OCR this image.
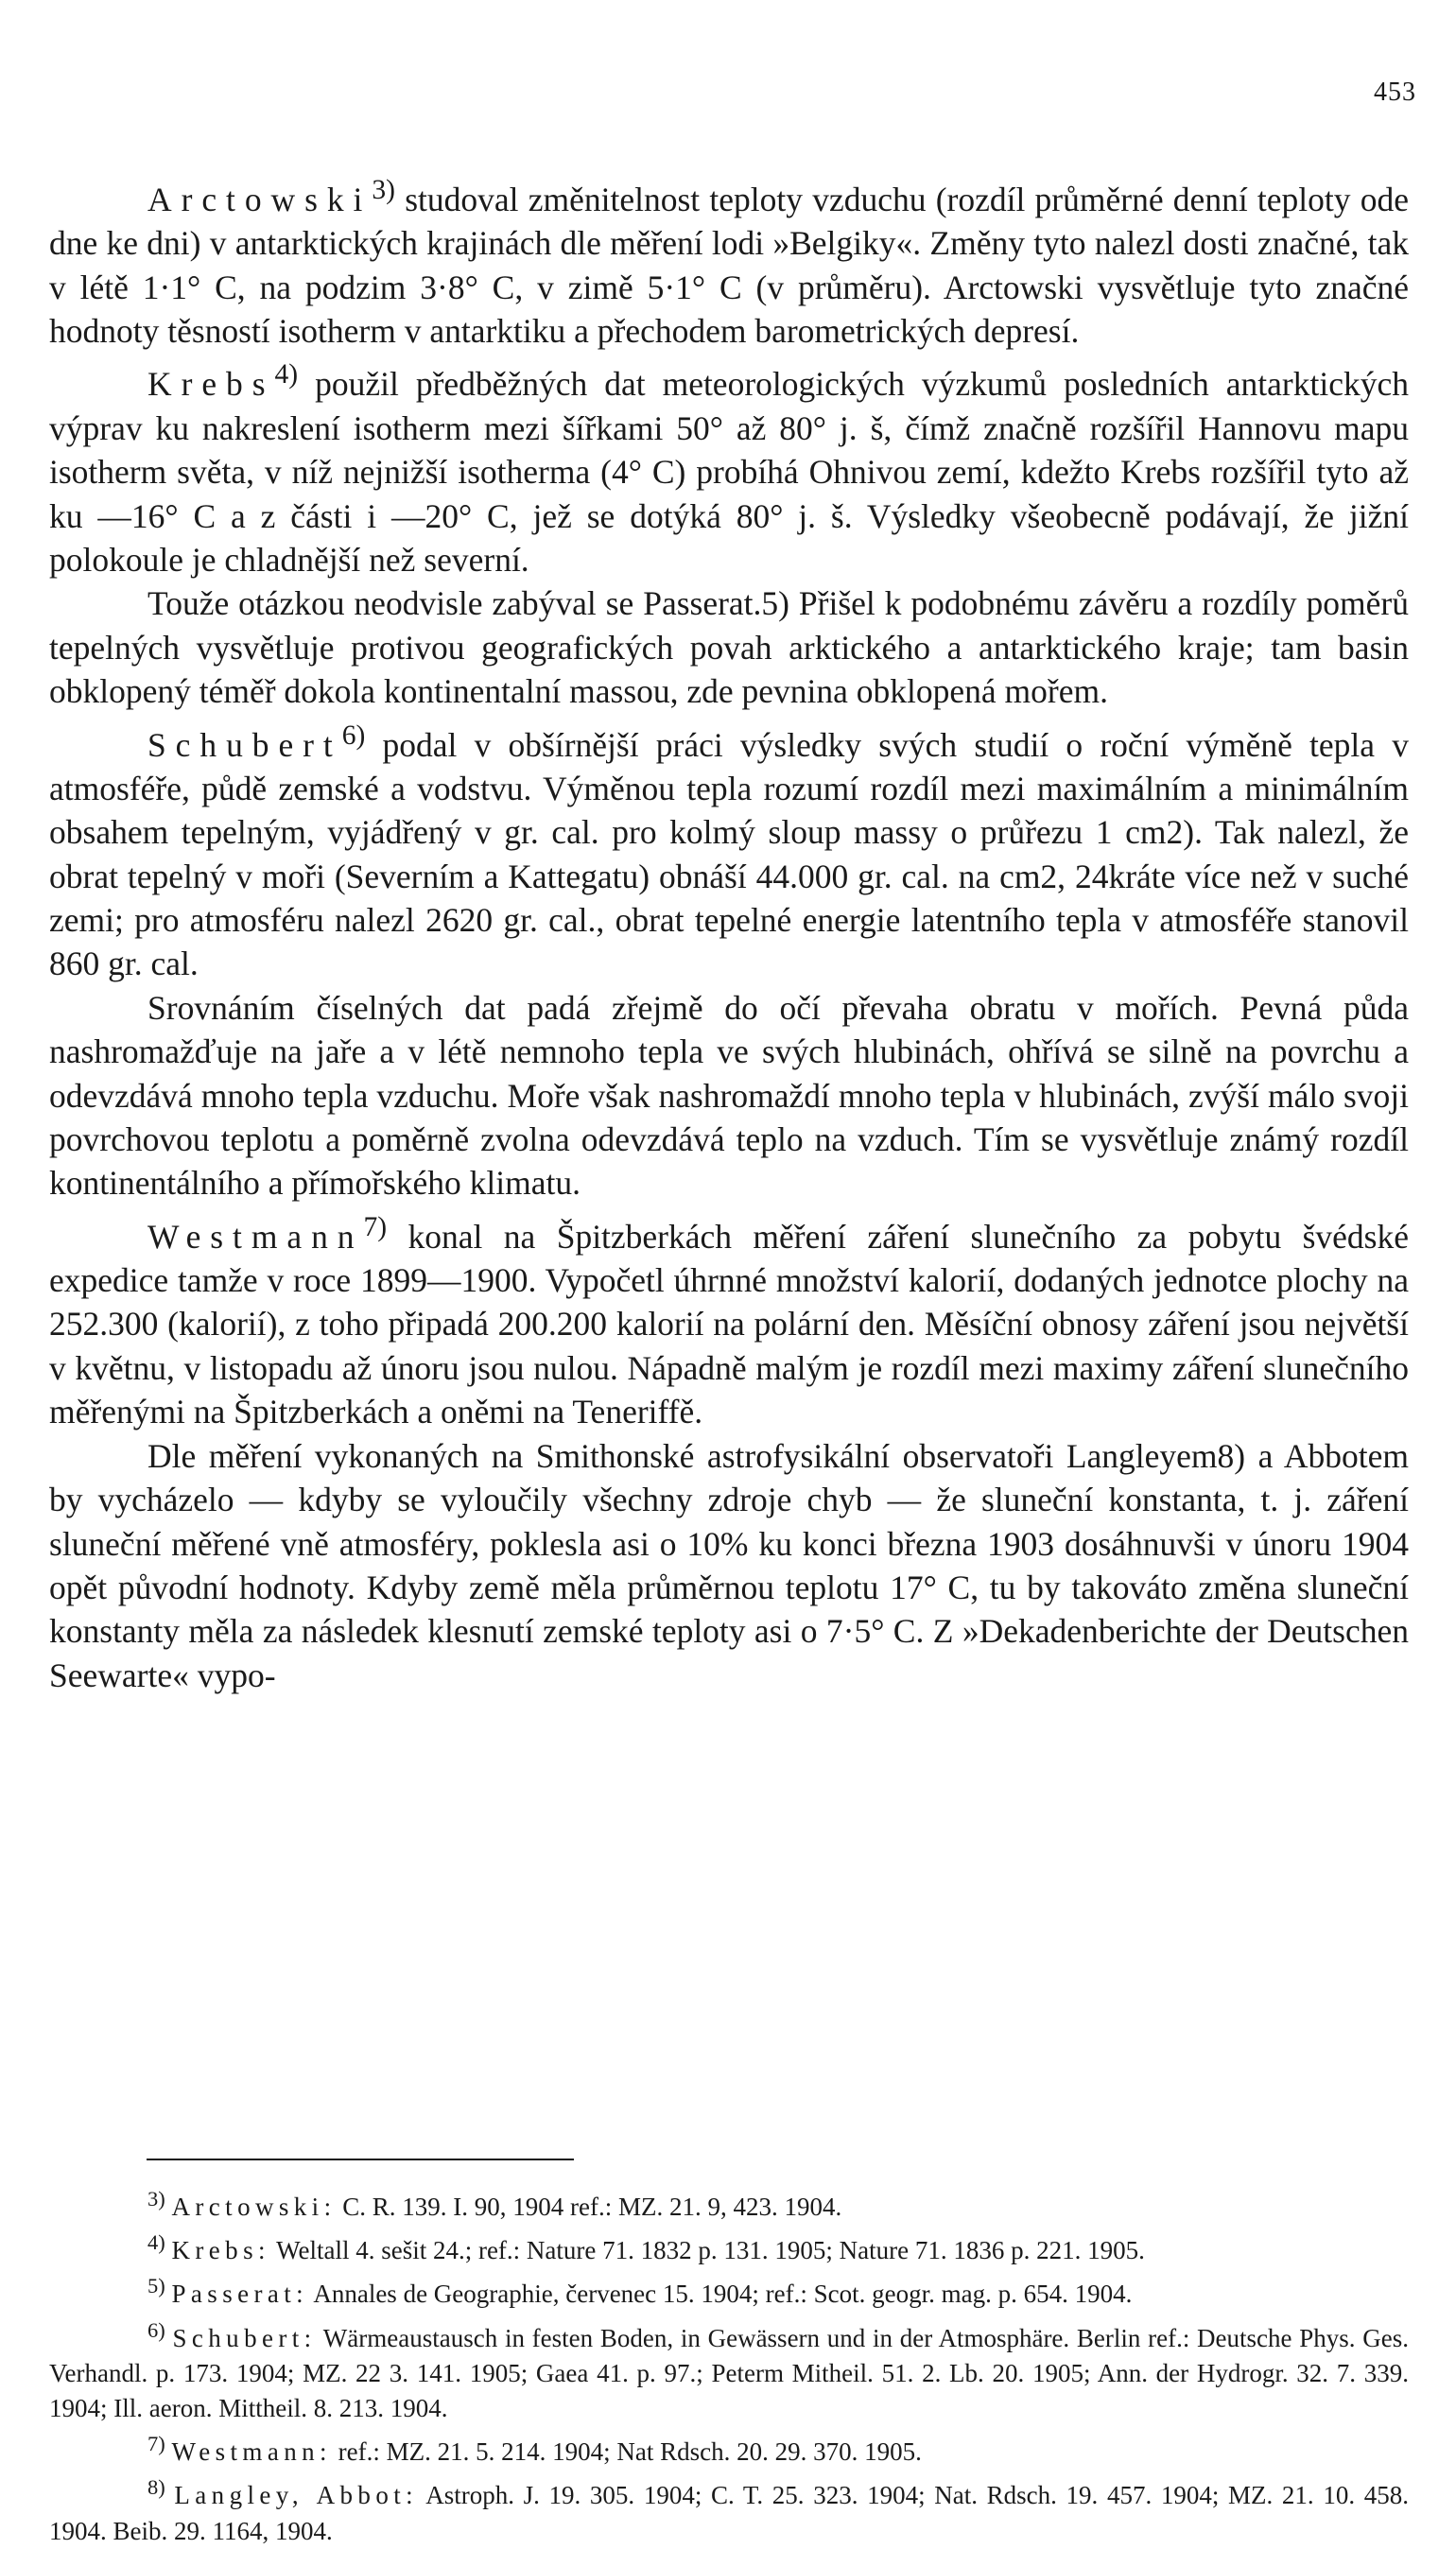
453

Arctowski$^{3)}$ studoval změnitelnost teploty vzduchu (rozdíl průměrné denní teploty ode dne ke dni) v antarktických krajinách dle měření lodi »Belgiky«. Změny tyto nalezl dosti značné, tak v létě 1·1° C, na podzim 3·8° C, v zimě 5·1° C (v průměru). Arctowski vysvětluje tyto značné hodnoty těsností isotherm v antarktiku a přechodem barometrických depresí.

Krebs$^{4)}$ použil předběžných dat meteorologických výzkumů posledních antarktických výprav ku nakreslení isotherm mezi šířkami 50° až 80° j. š, čímž značně rozšířil Hannovu mapu isotherm světa, v níž nejnižší isotherma (4° C) probíhá Ohnivou zemí, kdežto Krebs rozšířil tyto až ku —16° C a z části i —20° C, jež se dotýká 80° j. š. Výsledky všeobecně podávají, že jižní polokoule je chladnější než severní.

Touže otázkou neodvisle zabýval se Passerat.5) Přišel k podobnému závěru a rozdíly poměrů tepelných vysvětluje protivou geografických povah arktického a antarktického kraje; tam basin obklopený téměř dokola kontinentalní massou, zde pevnina obklopená mořem.

Schubert$^{6)}$ podal v obšírnější práci výsledky svých studií o roční výměně tepla v atmosféře, půdě zemské a vodstvu. Výměnou tepla rozumí rozdíl mezi maximálním a minimálním obsahem tepelným, vyjádřený v gr. cal. pro kolmý sloup massy o průřezu 1 cm2). Tak nalezl, že obrat tepelný v moři (Severním a Kattegatu) obnáší 44.000 gr. cal. na cm2, 24kráte více než v suché zemi; pro atmosféru nalezl 2620 gr. cal., obrat tepelné energie latentního tepla v atmosféře stanovil 860 gr. cal.

Srovnáním číselných dat padá zřejmě do očí převaha obratu v mořích. Pevná půda nashromažďuje na jaře a v létě nemnoho tepla ve svých hlubinách, ohřívá se silně na povrchu a odevzdává mnoho tepla vzduchu. Moře však nashromaždí mnoho tepla v hlubinách, zvýší málo svoji povrchovou teplotu a poměrně zvolna odevzdává teplo na vzduch. Tím se vysvětluje známý rozdíl kontinentálního a přímořského klimatu.

Westmann$^{7)}$ konal na Špitzberkách měření záření slunečního za pobytu švédské expedice tamže v roce 1899—1900. Vypočetl úhrnné množství kalorií, dodaných jednotce plochy na 252.300 (kalorií), z toho připadá 200.200 kalorií na polární den. Měsíční obnosy záření jsou největší v květnu, v listopadu až únoru jsou nulou. Nápadně malým je rozdíl mezi maximy záření slunečního měřenými na Špitzberkách a oněmi na Teneriffě.

Dle měření vykonaných na Smithonské astrofysikální observatoři Langleyem8) a Abbotem by vycházelo — kdyby se vyloučily všechny zdroje chyb — že sluneční konstanta, t. j. záření sluneční měřené vně atmosféry, poklesla asi o 10% ku konci března 1903 dosáhnuvši v únoru 1904 opět původní hodnoty. Kdyby země měla průměrnou teplotu 17° C, tu by takováto změna sluneční konstanty měla za následek klesnutí zemské teploty asi o 7·5° C. Z »Dekadenberichte der Deutschen Seewarte« vypo-

$^{3)}$ Arctowski: C. R. 139. I. 90, 1904 ref.: MZ. 21. 9, 423. 1904.

$^{4)}$ Krebs: Weltall 4. sešit 24.; ref.: Nature 71. 1832 p. 131. 1905; Nature 71. 1836 p. 221. 1905.

$^{5)}$ Passerat: Annales de Geographie, červenec 15. 1904; ref.: Scot. geogr. mag. p. 654. 1904.

$^{6)}$ Schubert: Wärmeaustausch in festen Boden, in Gewässern und in der Atmosphäre. Berlin ref.: Deutsche Phys. Ges. Verhandl. p. 173. 1904; MZ. 22 3. 141. 1905; Gaea 41. p. 97.; Peterm Mitheil. 51. 2. Lb. 20. 1905; Ann. der Hydrogr. 32. 7. 339. 1904; Ill. aeron. Mittheil. 8. 213. 1904.

$^{7)}$ Westmann: ref.: MZ. 21. 5. 214. 1904; Nat Rdsch. 20. 29. 370. 1905.

$^{8)}$ Langley, Abbot: Astroph. J. 19. 305. 1904; C. T. 25. 323. 1904; Nat. Rdsch. 19. 457. 1904; MZ. 21. 10. 458. 1904. Beib. 29. 1164, 1904.
